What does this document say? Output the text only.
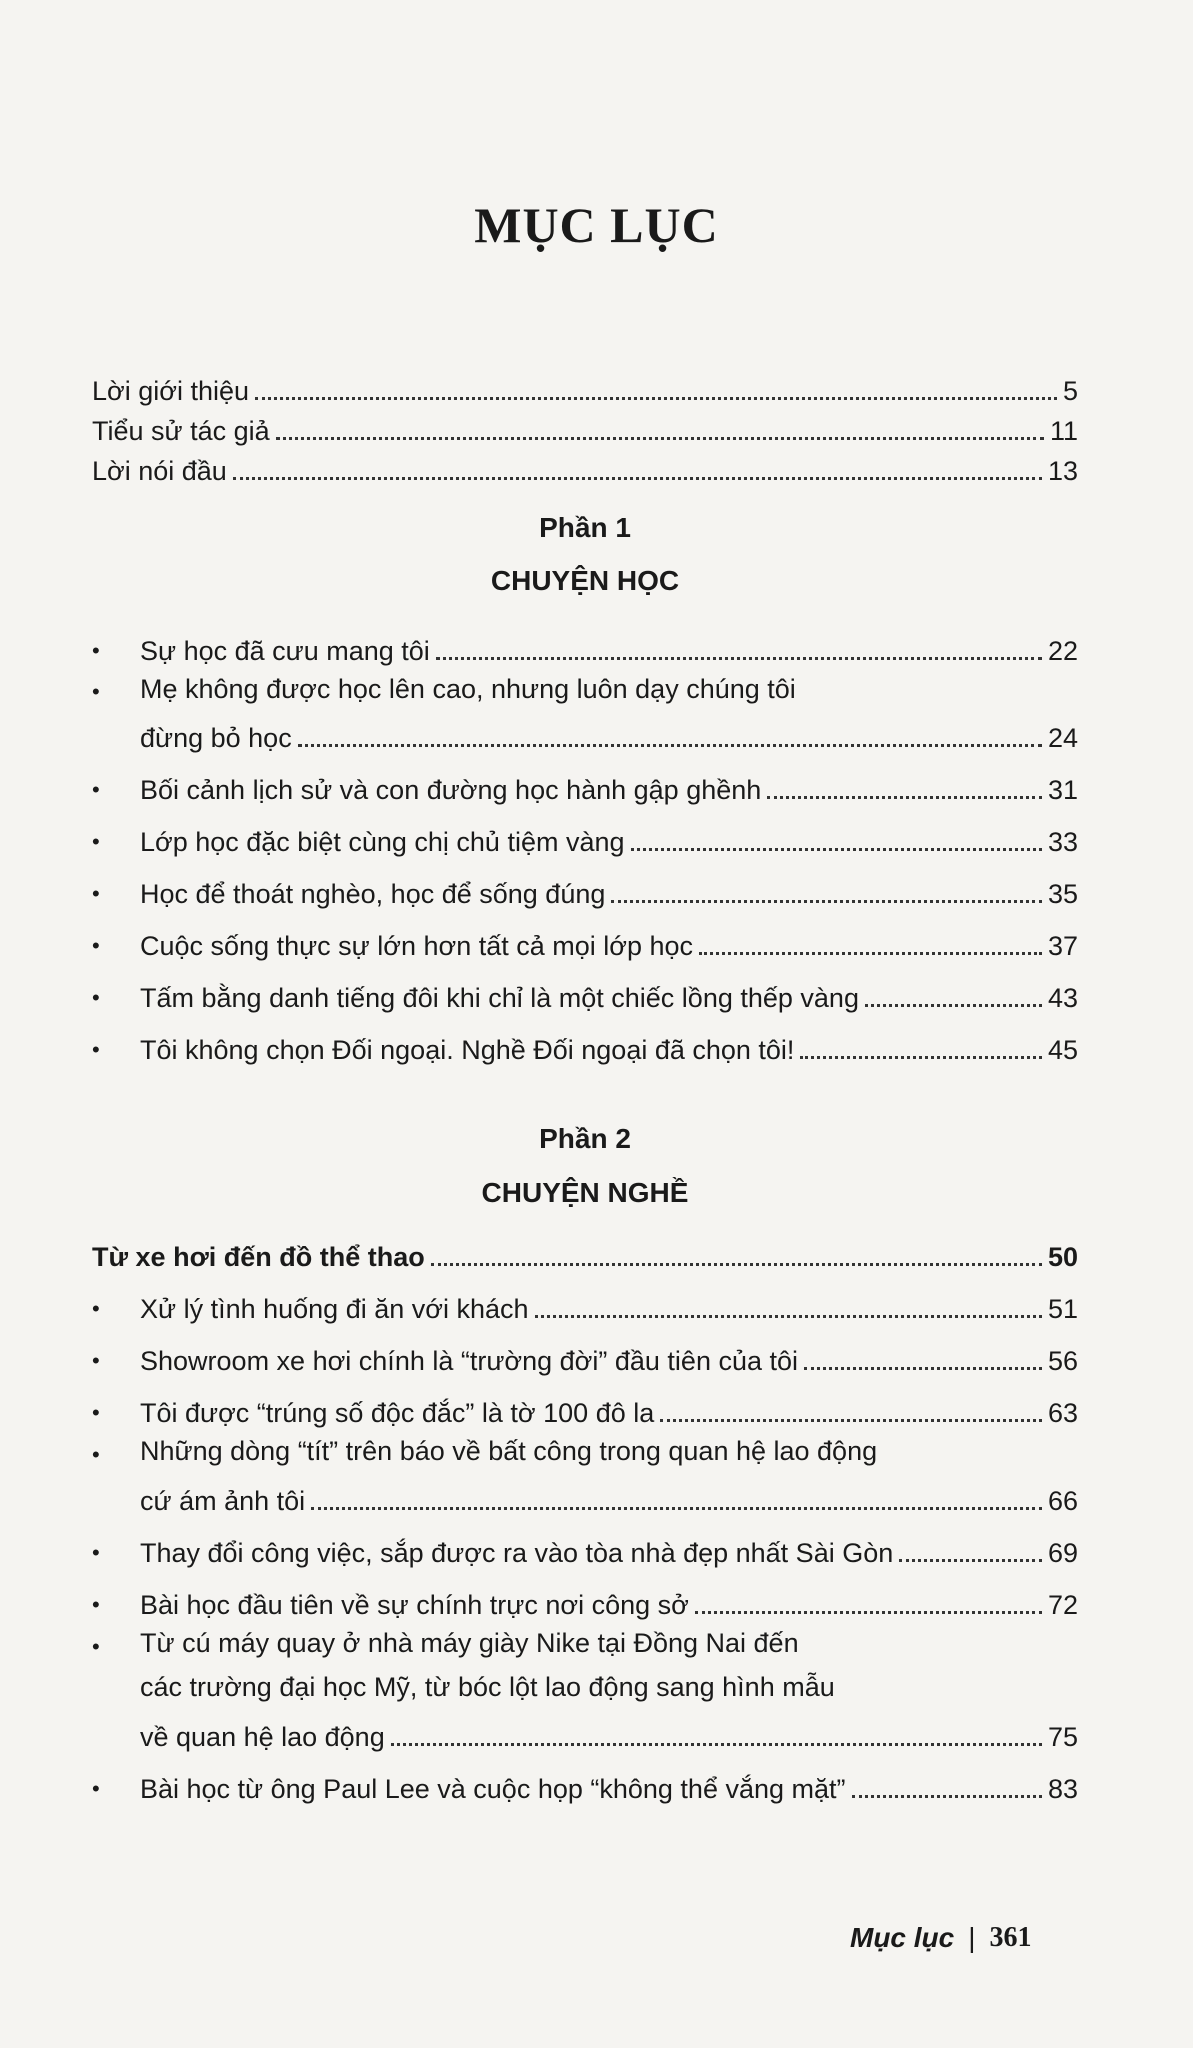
MỤC LỤC
Lời giới thiệu	5
Tiểu sử tác giả	11
Lời nói đầu	13
Phần 1
CHUYỆN HỌC
•	Sự học đã cưu mang tôi	22
Mẹ không được học lên cao, nhưng luôn dạy chúng tôi
•
đừng bỏ học	24
•	Bối cảnh lịch sử và con đường học hành gập ghềnh	31
•	Lớp học đặc biệt cùng chị chủ tiệm vàng	33
•	Học để thoát nghèo, học để sống đúng	35
•	Cuộc sống thực sự lớn hơn tất cả mọi lớp học	37
•	Tấm bằng danh tiếng đôi khi chỉ là một chiếc lồng thếp vàng	43
•	Tôi không chọn Đối ngoại. Nghề Đối ngoại đã chọn tôi!	45
Phần 2
CHUYỆN NGHỀ
Từ xe hơi đến đồ thể thao	50
•	Xử lý tình huống đi ăn với khách	51
•	Showroom xe hơi chính là “trường đời” đầu tiên của tôi	56
•	Tôi được “trúng số độc đắc” là tờ 100 đô la	63
Những dòng “tít” trên báo về bất công trong quan hệ lao động
•
cứ ám ảnh tôi	66
•	Thay đổi công việc, sắp được ra vào tòa nhà đẹp nhất Sài Gòn	69
•	Bài học đầu tiên về sự chính trực nơi công sở	72
Từ cú máy quay ở nhà máy giày Nike tại Đồng Nai đến
các trường đại học Mỹ, từ bóc lột lao động sang hình mẫu
•
về quan hệ lao động	75
•	Bài học từ ông Paul Lee và cuộc họp “không thể vắng mặt”	83
Mục lục | 361
